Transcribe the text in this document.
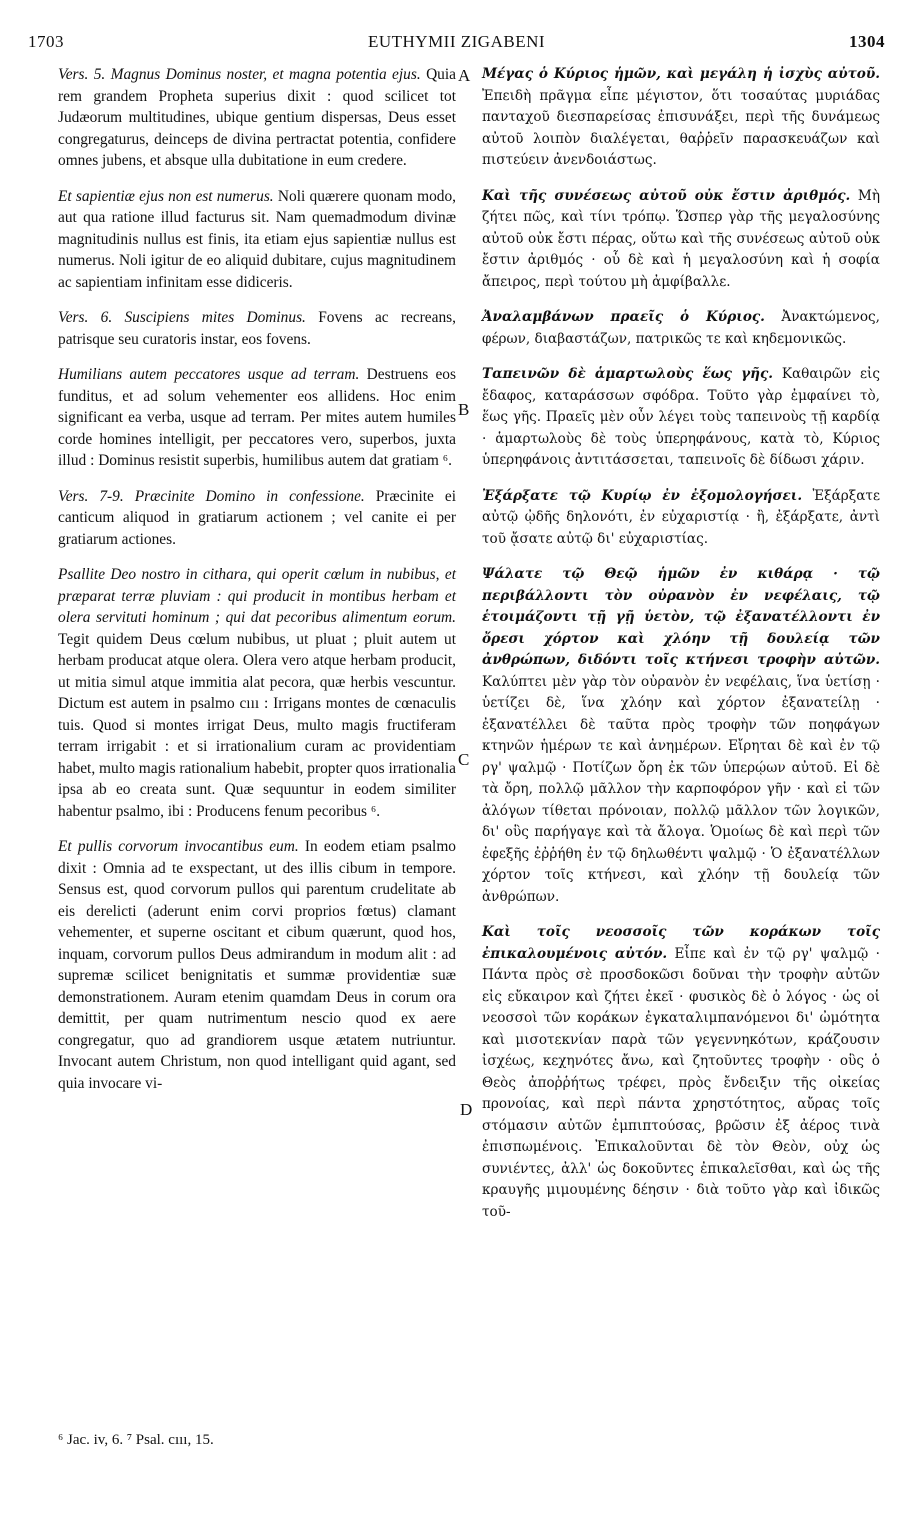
1703	EUTHYMII ZIGABENI	1304

Vers. 5. Magnus Dominus noster, et magna potentia ejus. Quia rem grandem Propheta superius dixit : quod scilicet tot Judæorum multitudines, ubique gentium dispersas, Deus esset congregaturus, deinceps de divina pertractat potentia, confidere omnes jubens, et absque ulla dubitatione in eum credere.

Et sapientiæ ejus non est numerus. Noli quærere quonam modo, aut qua ratione illud facturus sit. Nam quemadmodum divinæ magnitudinis nullus est finis, ita etiam ejus sapientiæ nullus est numerus. Noli igitur de eo aliquid dubitare, cujus magnitudinem ac sapientiam infinitam esse didiceris.

Vers. 6. Suscipiens mites Dominus. Fovens ac recreans, patrisque seu curatoris instar, eos fovens.

Humilians autem peccatores usque ad terram. Destruens eos funditus, et ad solum vehementer eos allidens. Hoc enim significant ea verba, usque ad terram. Per mites autem humiles corde homines intelligit, per peccatores vero, superbos, juxta illud : Dominus resistit superbis, humilibus autem dat gratiam ⁶.

Vers. 7-9. Præcinite Domino in confessione. Præcinite ei canticum aliquod in gratiarum actionem ; vel canite ei per gratiarum actiones.

Psallite Deo nostro in cithara, qui operit cœlum in nubibus, et præparat terræ pluviam : qui producit in montibus herbam et olera servituti hominum ; qui dat pecoribus alimentum eorum. Tegit quidem Deus cœlum nubibus, ut pluat ; pluit autem ut herbam producat atque olera. Olera vero atque herbam producit, ut mitia simul atque immitia alat pecora, quæ herbis vescuntur. Dictum est autem in psalmo cııı : Irrigans montes de cœnaculis tuis. Quod si montes irrigat Deus, multo magis fructiferam terram irrigabit : et si irrationalium curam ac providentiam habet, multo magis rationalium habebit, propter quos irrationalia ipsa ab eo creata sunt. Quæ sequuntur in eodem similiter habentur psalmo, ibi : Producens fenum pecoribus ⁶.

Et pullis corvorum invocantibus eum. In eodem etiam psalmo dixit : Omnia ad te exspectant, ut des illis cibum in tempore. Sensus est, quod corvorum pullos qui parentum crudelitate ab eis derelicti (aderunt enim corvi proprios fœtus) clamant vehementer, et superne oscitant et cibum quærunt, quod hos, inquam, corvorum pullos Deus admirandum in modum alit : ad supremæ scilicet benignitatis et summæ providentiæ suæ demonstrationem. Auram etenim quamdam Deus in corum ora demittit, per quam nutrimentum nescio quod ex aere congregatur, quo ad grandiorem usque ætatem nutriuntur. Invocant autem Christum, non quod intelligant quid agant, sed quia invocare vi-

A
B
C
D

Μέγας ὁ Κύριος ἡμῶν, καὶ μεγάλη ἡ ἰσχὺς αὐτοῦ. Ἐπειδὴ πρᾶγμα εἶπε μέγιστον, ὅτι τοσαύτας μυριάδας πανταχοῦ διεσπαρείσας ἐπισυνάξει, περὶ τῆς δυνάμεως αὐτοῦ λοιπὸν διαλέγεται, θαῤῥεῖν παρασκευάζων καὶ πιστεύειν ἀνενδοιάστως.

Καὶ τῆς συνέσεως αὐτοῦ οὐκ ἔστιν ἀριθμός. Μὴ ζήτει πῶς, καὶ τίνι τρόπῳ. Ὥσπερ γὰρ τῆς μεγαλοσύνης αὐτοῦ οὐκ ἔστι πέρας, οὕτω καὶ τῆς συνέσεως αὐτοῦ οὐκ ἔστιν ἀριθμός · οὗ δὲ καὶ ἡ μεγαλοσύνη καὶ ἡ σοφία ἄπειρος, περὶ τούτου μὴ ἀμφίβαλλε.

Ἀναλαμβάνων πραεῖς ὁ Κύριος. Ἀνακτώμενος, φέρων, διαβαστάζων, πατρικῶς τε καὶ κηδεμονικῶς.

Ταπεινῶν δὲ ἁμαρτωλοὺς ἕως γῆς. Καθαιρῶν εἰς ἔδαφος, καταράσσων σφόδρα. Τοῦτο γὰρ ἐμφαίνει τὸ, ἕως γῆς. Πραεῖς μὲν οὖν λέγει τοὺς ταπεινοὺς τῇ καρδίᾳ · ἁμαρτωλοὺς δὲ τοὺς ὑπερηφάνους, κατὰ τὸ, Κύριος ὑπερηφάνοις ἀντιτάσσεται, ταπεινοῖς δὲ δίδωσι χάριν.

Ἐξάρξατε τῷ Κυρίῳ ἐν ἐξομολογήσει. Ἐξάρξατε αὐτῷ ᾠδῆς δηλονότι, ἐν εὐχαριστίᾳ · ἢ, ἐξάρξατε, ἀντὶ τοῦ ᾄσατε αὐτῷ δι' εὐχαριστίας.

Ψάλατε τῷ Θεῷ ἡμῶν ἐν κιθάρᾳ · τῷ περιβάλλοντι τὸν οὐρανὸν ἐν νεφέλαις, τῷ ἑτοιμάζοντι τῇ γῇ ὑετὸν, τῷ ἐξανατέλλοντι ἐν ὄρεσι χόρτον καὶ χλόην τῇ δουλείᾳ τῶν ἀνθρώπων, διδόντι τοῖς κτήνεσι τροφὴν αὐτῶν. Καλύπτει μὲν γὰρ τὸν οὐρανὸν ἐν νεφέλαις, ἵνα ὑετίσῃ · ὑετίζει δὲ, ἵνα χλόην καὶ χόρτον ἐξανατείλῃ · ἐξανατέλλει δὲ ταῦτα πρὸς τροφὴν τῶν ποηφάγων κτηνῶν ἡμέρων τε καὶ ἀνημέρων. Εἴρηται δὲ καὶ ἐν τῷ ργ' ψαλμῷ · Ποτίζων ὄρη ἐκ τῶν ὑπερῴων αὐτοῦ. Εἰ δὲ τὰ ὄρη, πολλῷ μᾶλλον τὴν καρποφόρον γῆν · καὶ εἰ τῶν ἀλόγων τίθεται πρόνοιαν, πολλῷ μᾶλλον τῶν λογικῶν, δι' οὓς παρήγαγε καὶ τὰ ἄλογα. Ὁμοίως δὲ καὶ περὶ τῶν ἐφεξῆς ἐῤῥήθη ἐν τῷ δηλωθέντι ψαλμῷ · Ὁ ἐξανατέλλων χόρτον τοῖς κτήνεσι, καὶ χλόην τῇ δουλείᾳ τῶν ἀνθρώπων.

Καὶ τοῖς νεοσσοῖς τῶν κοράκων τοῖς ἐπικαλουμένοις αὐτόν. Εἶπε καὶ ἐν τῷ ργ' ψαλμῷ · Πάντα πρὸς σὲ προσδοκῶσι δοῦναι τὴν τροφὴν αὐτῶν εἰς εὔκαιρον καὶ ζήτει ἐκεῖ · φυσικὸς δὲ ὁ λόγος · ὡς οἱ νεοσσοὶ τῶν κοράκων ἐγκαταλιμπανόμενοι δι' ὠμότητα καὶ μισοτεκνίαν παρὰ τῶν γεγεννηκότων, κράζουσιν ἰσχέως, κεχηνότες ἄνω, καὶ ζητοῦντες τροφὴν · οὓς ὁ Θεὸς ἀποῤῥήτως τρέφει, πρὸς ἔνδειξιν τῆς οἰκείας προνοίας, καὶ περὶ πάντα χρηστότητος, αὔρας τοῖς στόμασιν αὐτῶν ἐμπιπτούσας, βρῶσιν ἐξ ἀέρος τινὰ ἐπισπωμένοις. Ἐπικαλοῦνται δὲ τὸν Θεὸν, οὐχ ὡς συνιέντες, ἀλλ' ὡς δοκοῦντες ἐπικαλεῖσθαι, καὶ ὡς τῆς κραυγῆς μιμουμένης δέησιν · διὰ τοῦτο γὰρ καὶ ἰδικῶς τοῦ-

⁶ Jac. iv, 6. ⁷ Psal. cııı, 15.
